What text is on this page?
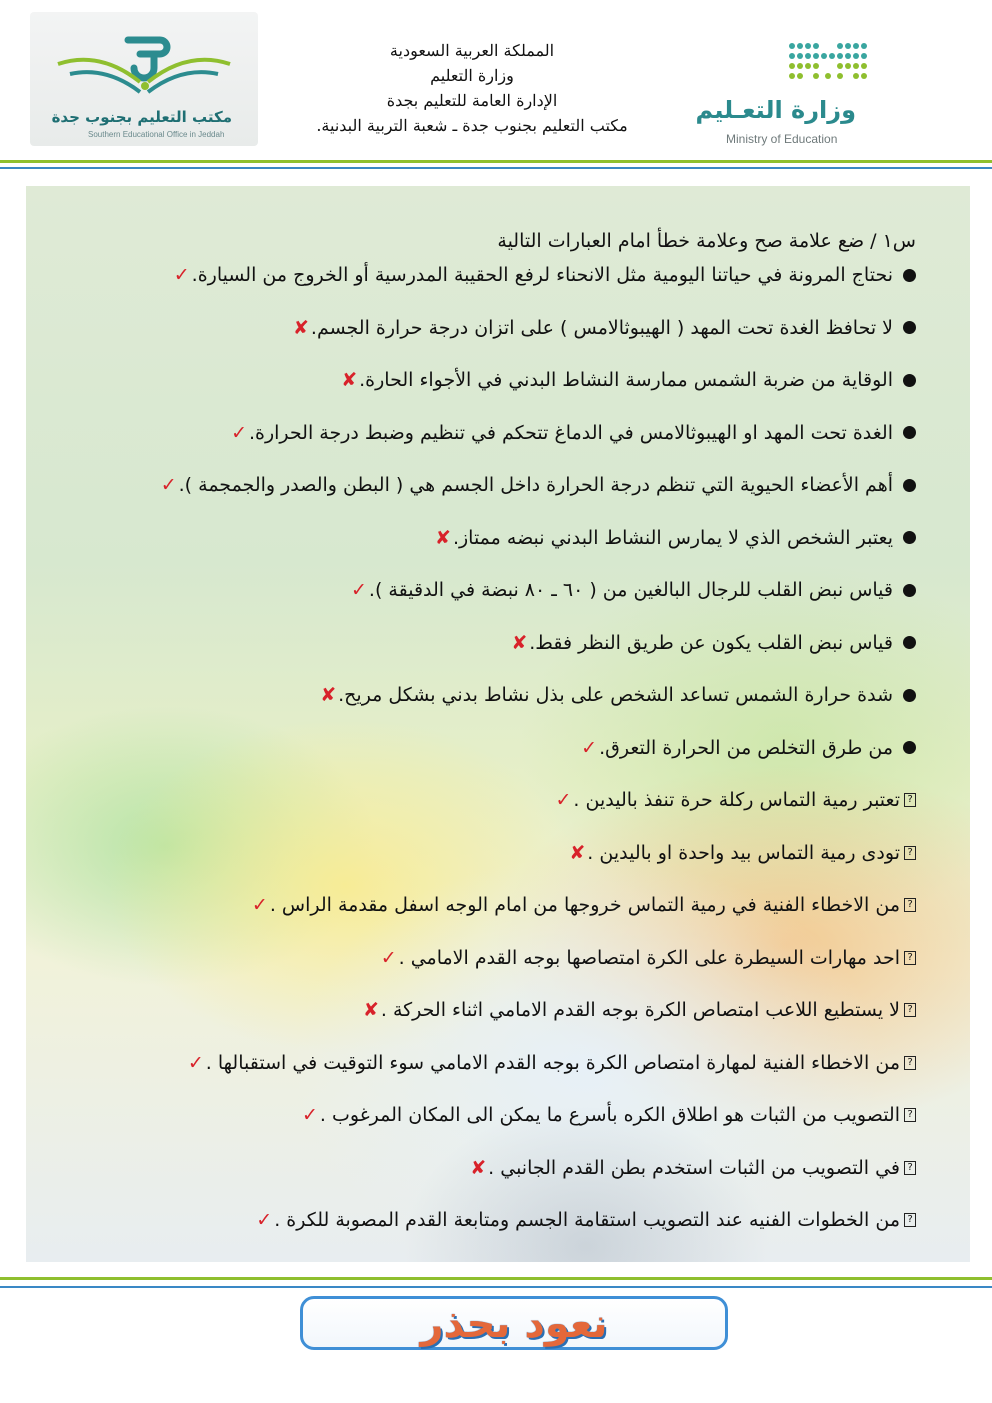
مكتب التعليم بجنوب جدة
Southern Educational Office in Jeddah
المملكة العربية السعودية
وزارة التعليم
الإدارة العامة للتعليم بجدة
مكتب التعليم بجنوب جدة ـ شعبة التربية البدنية.
وزارة التعـليم
Ministry of Education
س١ / ضع علامة صح وعلامة خطأ امام العبارات التالية
نحتاج المرونة في حياتنا اليومية مثل الانحناء لرفع الحقيبة المدرسية أو الخروج من السيارة.
✓
لا تحافظ الغدة تحت المهد ( الهيبوثالامس ) على اتزان درجة حرارة الجسم.
✘
الوقاية من ضربة الشمس ممارسة النشاط البدني في الأجواء الحارة.
✘
الغدة تحت المهد او الهيبوثالامس في الدماغ تتحكم في تنظيم وضبط درجة الحرارة.
✓
أهم الأعضاء الحيوية التي تنظم درجة الحرارة داخل الجسم هي ( البطن والصدر والجمجمة ).
✓
يعتبر الشخص الذي لا يمارس النشاط البدني نبضه ممتاز.
✘
قياس نبض القلب للرجال البالغين من ( ٦٠ ـ ٨٠ نبضة في الدقيقة ).
✓
قياس نبض القلب يكون عن طريق النظر فقط.
✘
شدة حرارة الشمس تساعد الشخص على بذل نشاط بدني بشكل مريح.
✘
من طرق التخلص من الحرارة التعرق.
✓
?
تعتبر رمية التماس ركلة حرة تنفذ باليدين .
✓
?
تودى رمية التماس بيد واحدة او باليدين .
✘
?
من الاخطاء الفنية في رمية التماس خروجها من امام الوجه اسفل مقدمة الراس .
✓
?
احد مهارات السيطرة على الكرة امتصاصها بوجه القدم الامامي .
✓
?
لا يستطيع اللاعب امتصاص الكرة بوجه القدم الامامي اثناء الحركة .
✘
?
من الاخطاء الفنية لمهارة امتصاص الكرة بوجه القدم الامامي سوء التوقيت في استقبالها .
✓
?
التصويب من الثبات هو اطلاق الكره بأسرع ما يمكن الى المكان المرغوب .
✓
?
في التصويب من الثبات استخدم بطن القدم الجانبي .
✘
?
من الخطوات الفنيه عند التصويب استقامة الجسم ومتابعة القدم المصوبة للكرة .
✓
نعود بحذر
